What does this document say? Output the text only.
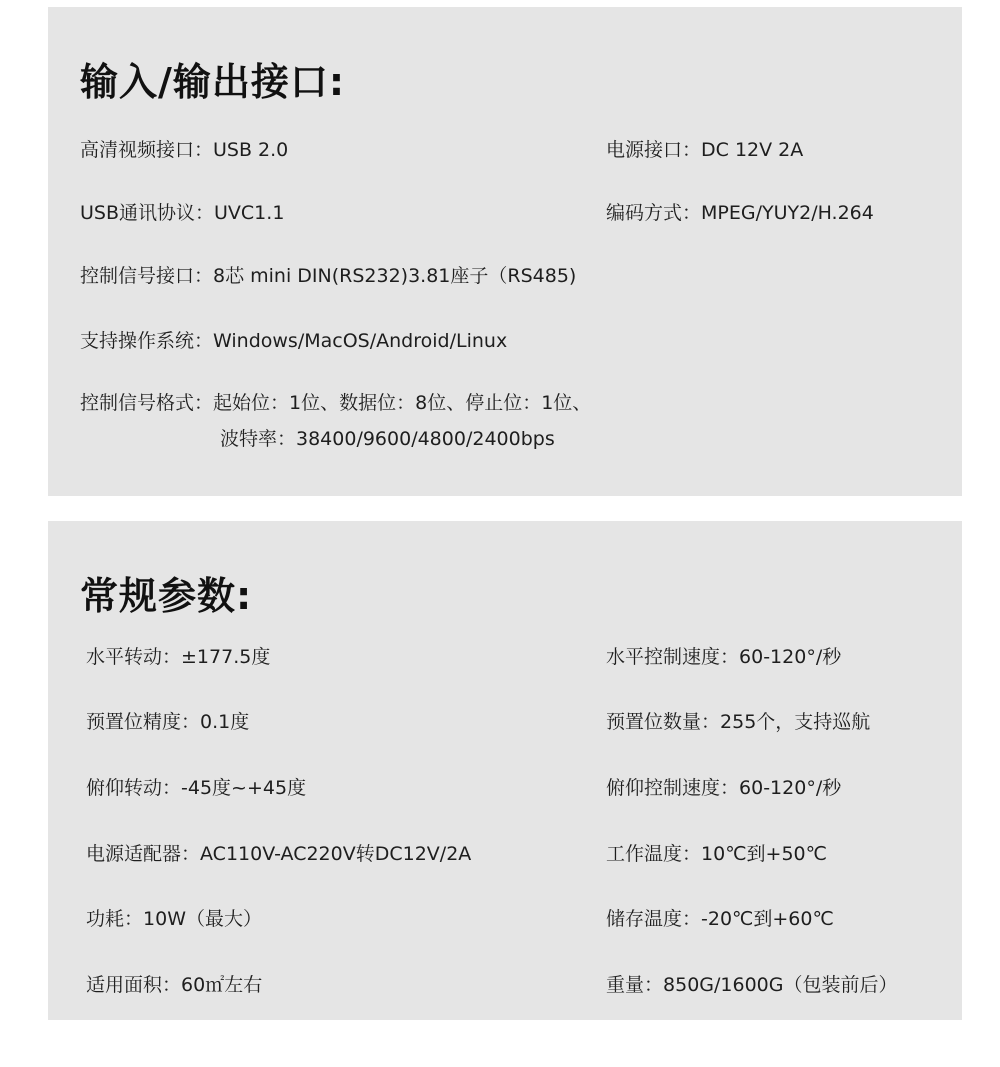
输入/输出接口:
高清视频接口：USB 2.0	电源接口：DC 12V 2A
USB通讯协议：UVC1.1	编码方式：MPEG/YUY2/H.264
控制信号接口：8芯 mini DIN(RS232)3.81座子（RS485)
支持操作系统：Windows/MacOS/Android/Linux
控制信号格式：起始位：1位、数据位：8位、停止位：1位、
波特率：38400/9600/4800/2400bps
常规参数:
水平转动：±177.5度	水平控制速度：60-120°/秒
预置位精度：0.1度	预置位数量：255个，支持巡航
俯仰转动：-45度~+45度	俯仰控制速度：60-120°/秒
电源适配器：AC110V-AC220V转DC12V/2A	工作温度：10℃到+50℃
功耗：10W（最大）	储存温度：-20℃到+60℃
适用面积：60㎡左右	重量：850G/1600G（包装前后）
